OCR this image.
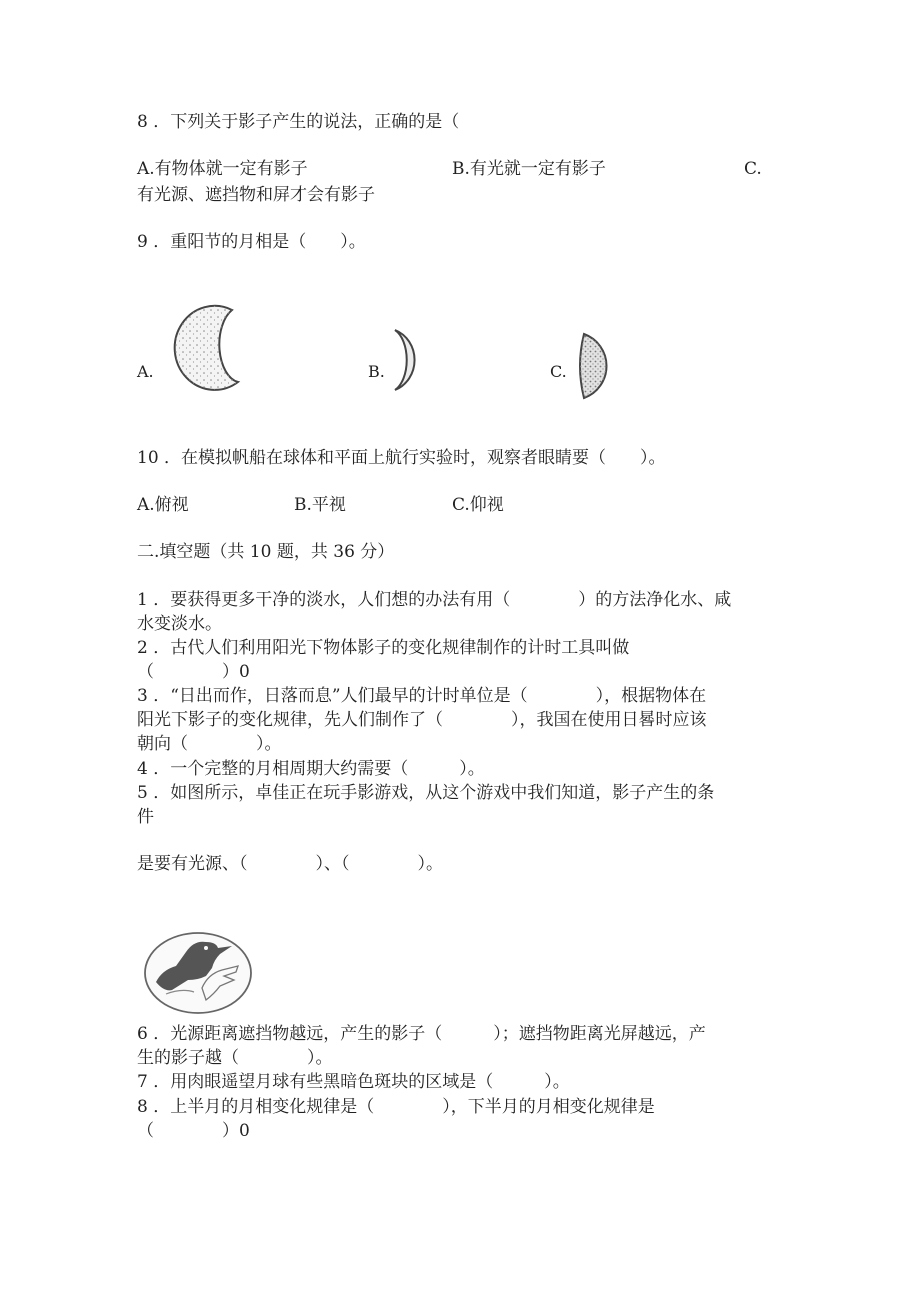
8 ．下列关于影子产生的说法，正确的是（
A.有物体就一定有影子	B.有光就一定有影子	C.
有光源、遮挡物和屏才会有影子
9 ．重阳节的月相是（　　）。
A.	B.	C.
10 ．在模拟帆船在球体和平面上航行实验时，观察者眼睛要（　　）。
A.俯视	B.平视	C.仰视
二.填空题（共 10 题，共 36 分）
1 ．要获得更多干净的淡水，人们想的办法有用（　　　　）的方法净化水、咸
水变淡水。
2 ．古代人们利用阳光下物体影子的变化规律制作的计时工具叫做
（　　　　）0
3 ．“日出而作，日落而息”人们最早的计时单位是（　　　　），根据物体在
阳光下影子的变化规律，先人们制作了（　　　　），我国在使用日晷时应该
朝向（　　　　）。
4 ．一个完整的月相周期大约需要（　　　）。
5 ．如图所示，卓佳正在玩手影游戏，从这个游戏中我们知道，影子产生的条
件
是要有光源、（　　　　）、（　　　　）。
6 ．光源距离遮挡物越远，产生的影子（　　　）；遮挡物距离光屏越远，产
生的影子越（　　　　）。
7 ．用肉眼遥望月球有些黑暗色斑块的区域是（　　　）。
8 ．上半月的月相变化规律是（　　　　），下半月的月相变化规律是
（　　　　）0
